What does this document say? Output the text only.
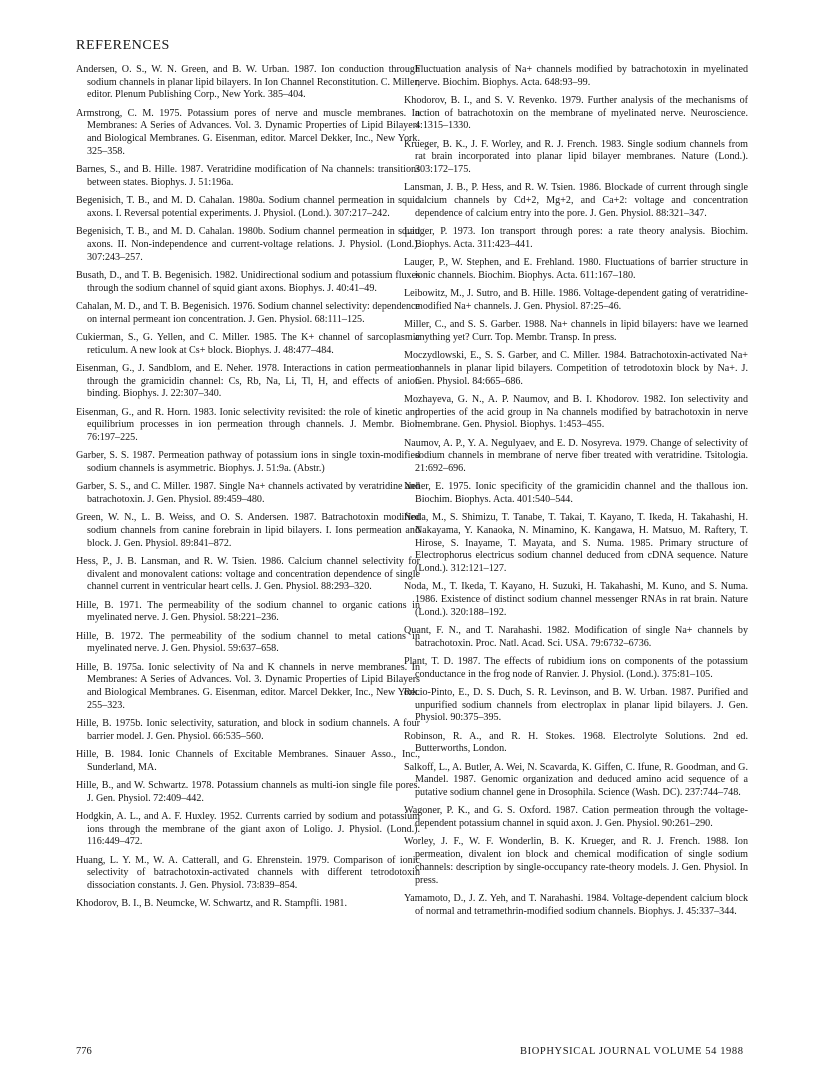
REFERENCES

Andersen, O. S., W. N. Green, and B. W. Urban. 1987. Ion conduction through sodium channels in planar lipid bilayers. In Ion Channel Reconstitution. C. Miller, editor. Plenum Publishing Corp., New York. 385–404.

Armstrong, C. M. 1975. Potassium pores of nerve and muscle membranes. In Membranes: A Series of Advances. Vol. 3. Dynamic Properties of Lipid Bilayers and Biological Membranes. G. Eisenman, editor. Marcel Dekker, Inc., New York. 325–358.

Barnes, S., and B. Hille. 1987. Veratridine modification of Na channels: transitions between states. Biophys. J. 51:196a.

Begenisich, T. B., and M. D. Cahalan. 1980a. Sodium channel permeation in squid axons. I. Reversal potential experiments. J. Physiol. (Lond.). 307:217–242.

Begenisich, T. B., and M. D. Cahalan. 1980b. Sodium channel permeation in squid axons. II. Non-independence and current-voltage relations. J. Physiol. (Lond.). 307:243–257.

Busath, D., and T. B. Begenisich. 1982. Unidirectional sodium and potassium fluxes through the sodium channel of squid giant axons. Biophys. J. 40:41–49.

Cahalan, M. D., and T. B. Begenisich. 1976. Sodium channel selectivity: dependence on internal permeant ion concentration. J. Gen. Physiol. 68:111–125.

Cukierman, S., G. Yellen, and C. Miller. 1985. The K+ channel of sarcoplasmic reticulum. A new look at Cs+ block. Biophys. J. 48:477–484.

Eisenman, G., J. Sandblom, and E. Neher. 1978. Interactions in cation permeation through the gramicidin channel: Cs, Rb, Na, Li, Tl, H, and effects of anion binding. Biophys. J. 22:307–340.

Eisenman, G., and R. Horn. 1983. Ionic selectivity revisited: the role of kinetic and equilibrium processes in ion permeation through channels. J. Membr. Biol. 76:197–225.

Garber, S. S. 1987. Permeation pathway of potassium ions in single toxin-modified sodium channels is asymmetric. Biophys. J. 51:9a. (Abstr.)

Garber, S. S., and C. Miller. 1987. Single Na+ channels activated by veratridine and batrachotoxin. J. Gen. Physiol. 89:459–480.

Green, W. N., L. B. Weiss, and O. S. Andersen. 1987. Batrachotoxin modified sodium channels from canine forebrain in lipid bilayers. I. Ions permeation and block. J. Gen. Physiol. 89:841–872.

Hess, P., J. B. Lansman, and R. W. Tsien. 1986. Calcium channel selectivity for divalent and monovalent cations: voltage and concentration dependence of single channel current in ventricular heart cells. J. Gen. Physiol. 88:293–320.

Hille, B. 1971. The permeability of the sodium channel to organic cations in myelinated nerve. J. Gen. Physiol. 58:221–236.

Hille, B. 1972. The permeability of the sodium channel to metal cations in myelinated nerve. J. Gen. Physiol. 59:637–658.

Hille, B. 1975a. Ionic selectivity of Na and K channels in nerve membranes. In Membranes: A Series of Advances. Vol. 3. Dynamic Properties of Lipid Bilayers and Biological Membranes. G. Eisenman, editor. Marcel Dekker, Inc., New York. 255–323.

Hille, B. 1975b. Ionic selectivity, saturation, and block in sodium channels. A four barrier model. J. Gen. Physiol. 66:535–560.

Hille, B. 1984. Ionic Channels of Excitable Membranes. Sinauer Asso., Inc., Sunderland, MA.

Hille, B., and W. Schwartz. 1978. Potassium channels as multi-ion single file pores. J. Gen. Physiol. 72:409–442.

Hodgkin, A. L., and A. F. Huxley. 1952. Currents carried by sodium and potassium ions through the membrane of the giant axon of Loligo. J. Physiol. (Lond.). 116:449–472.

Huang, L. Y. M., W. A. Catterall, and G. Ehrenstein. 1979. Comparison of ionic selectivity of batrachotoxin-activated channels with different tetrodotoxin dissociation constants. J. Gen. Physiol. 73:839–854.

Khodorov, B. I., B. Neumcke, W. Schwartz, and R. Stampfli. 1981.

Fluctuation analysis of Na+ channels modified by batrachotoxin in myelinated nerve. Biochim. Biophys. Acta. 648:93–99.

Khodorov, B. I., and S. V. Revenko. 1979. Further analysis of the mechanisms of action of batrachotoxin on the membrane of myelinated nerve. Neuroscience. 4:1315–1330.

Krueger, B. K., J. F. Worley, and R. J. French. 1983. Single sodium channels from rat brain incorporated into planar lipid bilayer membranes. Nature (Lond.). 303:172–175.

Lansman, J. B., P. Hess, and R. W. Tsien. 1986. Blockade of current through single calcium channels by Cd+2, Mg+2, and Ca+2: voltage and concentration dependence of calcium entry into the pore. J. Gen. Physiol. 88:321–347.

Lauger, P. 1973. Ion transport through pores: a rate theory analysis. Biochim. Biophys. Acta. 311:423–441.

Lauger, P., W. Stephen, and E. Frehland. 1980. Fluctuations of barrier structure in ionic channels. Biochim. Biophys. Acta. 611:167–180.

Leibowitz, M., J. Sutro, and B. Hille. 1986. Voltage-dependent gating of veratridine-modified Na+ channels. J. Gen. Physiol. 87:25–46.

Miller, C., and S. S. Garber. 1988. Na+ channels in lipid bilayers: have we learned anything yet? Curr. Top. Membr. Transp. In press.

Moczydlowski, E., S. S. Garber, and C. Miller. 1984. Batrachotoxin-activated Na+ channels in planar lipid bilayers. Competition of tetrodotoxin block by Na+. J. Gen. Physiol. 84:665–686.

Mozhayeva, G. N., A. P. Naumov, and B. I. Khodorov. 1982. Ion selectivity and properties of the acid group in Na channels modified by batrachotoxin in nerve membrane. Gen. Physiol. Biophys. 1:453–455.

Naumov, A. P., Y. A. Negulyaev, and E. D. Nosyreva. 1979. Change of selectivity of sodium channels in membrane of nerve fiber treated with veratridine. Tsitologia. 21:692–696.

Neher, E. 1975. Ionic specificity of the gramicidin channel and the thallous ion. Biochim. Biophys. Acta. 401:540–544.

Noda, M., S. Shimizu, T. Tanabe, T. Takai, T. Kayano, T. Ikeda, H. Takahashi, H. Nakayama, Y. Kanaoka, N. Minamino, K. Kangawa, H. Matsuo, M. Raftery, T. Hirose, S. Inayame, T. Mayata, and S. Numa. 1985. Primary structure of Electrophorus electricus sodium channel deduced from cDNA sequence. Nature (Lond.). 312:121–127.

Noda, M., T. Ikeda, T. Kayano, H. Suzuki, H. Takahashi, M. Kuno, and S. Numa. 1986. Existence of distinct sodium channel messenger RNAs in rat brain. Nature (Lond.). 320:188–192.

Quant, F. N., and T. Narahashi. 1982. Modification of single Na+ channels by batrachotoxin. Proc. Natl. Acad. Sci. USA. 79:6732–6736.

Plant, T. D. 1987. The effects of rubidium ions on components of the potassium conductance in the frog node of Ranvier. J. Physiol. (Lond.). 375:81–105.

Recio-Pinto, E., D. S. Duch, S. R. Levinson, and B. W. Urban. 1987. Purified and unpurified sodium channels from electroplax in planar lipid bilayers. J. Gen. Physiol. 90:375–395.

Robinson, R. A., and R. H. Stokes. 1968. Electrolyte Solutions. 2nd ed. Butterworths, London.

Salkoff, L., A. Butler, A. Wei, N. Scavarda, K. Giffen, C. Ifune, R. Goodman, and G. Mandel. 1987. Genomic organization and deduced amino acid sequence of a putative sodium channel gene in Drosophila. Science (Wash. DC). 237:744–748.

Wagoner, P. K., and G. S. Oxford. 1987. Cation permeation through the voltage-dependent potassium channel in squid axon. J. Gen. Physiol. 90:261–290.

Worley, J. F., W. F. Wonderlin, B. K. Krueger, and R. J. French. 1988. Ion permeation, divalent ion block and chemical modification of single sodium channels: description by single-occupancy rate-theory models. J. Gen. Physiol. In press.

Yamamoto, D., J. Z. Yeh, and T. Narahashi. 1984. Voltage-dependent calcium block of normal and tetramethrin-modified sodium channels. Biophys. J. 45:337–344.

776	BIOPHYSICAL JOURNAL VOLUME 54 1988
